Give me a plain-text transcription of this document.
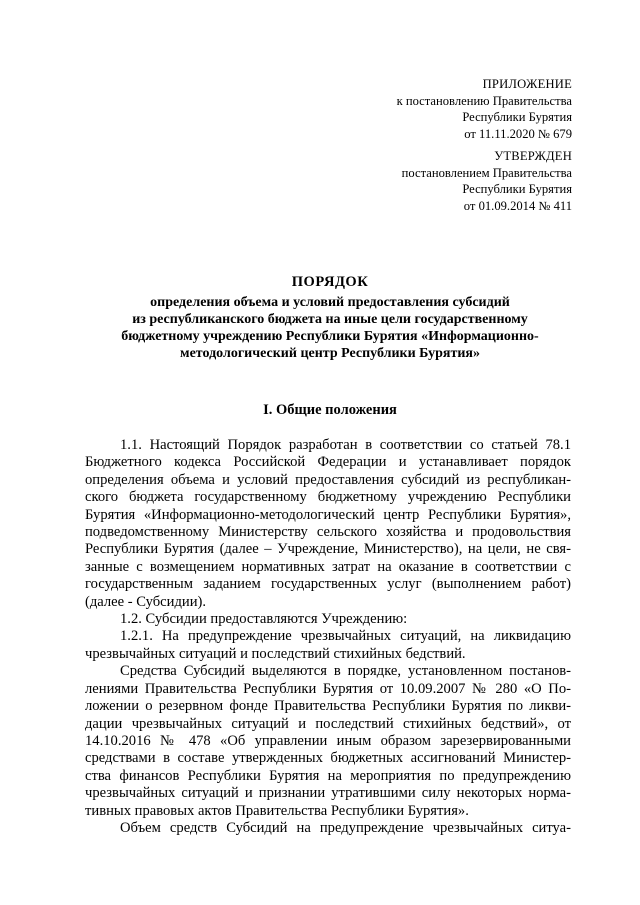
ПРИЛОЖЕНИЕ
к постановлению Правительства
Республики Бурятия
от 11.11.2020 № 679
УТВЕРЖДЕН
постановлением Правительства
Республики Бурятия
от 01.09.2014 № 411
ПОРЯДОК
определения объема и условий предоставления субсидий
из республиканского бюджета на иные цели государственному
бюджетному учреждению Республики Бурятия «Информационно-
методологический центр Республики Бурятия»
I. Общие положения
1.1. Настоящий Порядок разработан в соответствии со статьей 78.1
Бюджетного кодекса Российской Федерации и устанавливает порядок
определения объема и условий предоставления субсидий из республикан-
ского бюджета государственному бюджетному учреждению Республики
Бурятия «Информационно-методологический центр Республики Бурятия»,
подведомственному Министерству сельского хозяйства и продовольствия
Республики Бурятия (далее – Учреждение, Министерство), на цели, не свя-
занные с возмещением нормативных затрат на оказание в соответствии с
государственным заданием государственных услуг (выполнением работ)
(далее - Субсидии).
1.2. Субсидии предоставляются Учреждению:
1.2.1. На предупреждение чрезвычайных ситуаций, на ликвидацию
чрезвычайных ситуаций и последствий стихийных бедствий.
Средства Субсидий выделяются в порядке, установленном постанов-
лениями Правительства Республики Бурятия от 10.09.2007 № 280 «О По-
ложении о резервном фонде Правительства Республики Бурятия по ликви-
дации чрезвычайных ситуаций и последствий стихийных бедствий», от
14.10.2016 № 478 «Об управлении иным образом зарезервированными
средствами в составе утвержденных бюджетных ассигнований Министер-
ства финансов Республики Бурятия на мероприятия по предупреждению
чрезвычайных ситуаций и признании утратившими силу некоторых норма-
тивных правовых актов Правительства Республики Бурятия».
Объем средств Субсидий на предупреждение чрезвычайных ситуа-
